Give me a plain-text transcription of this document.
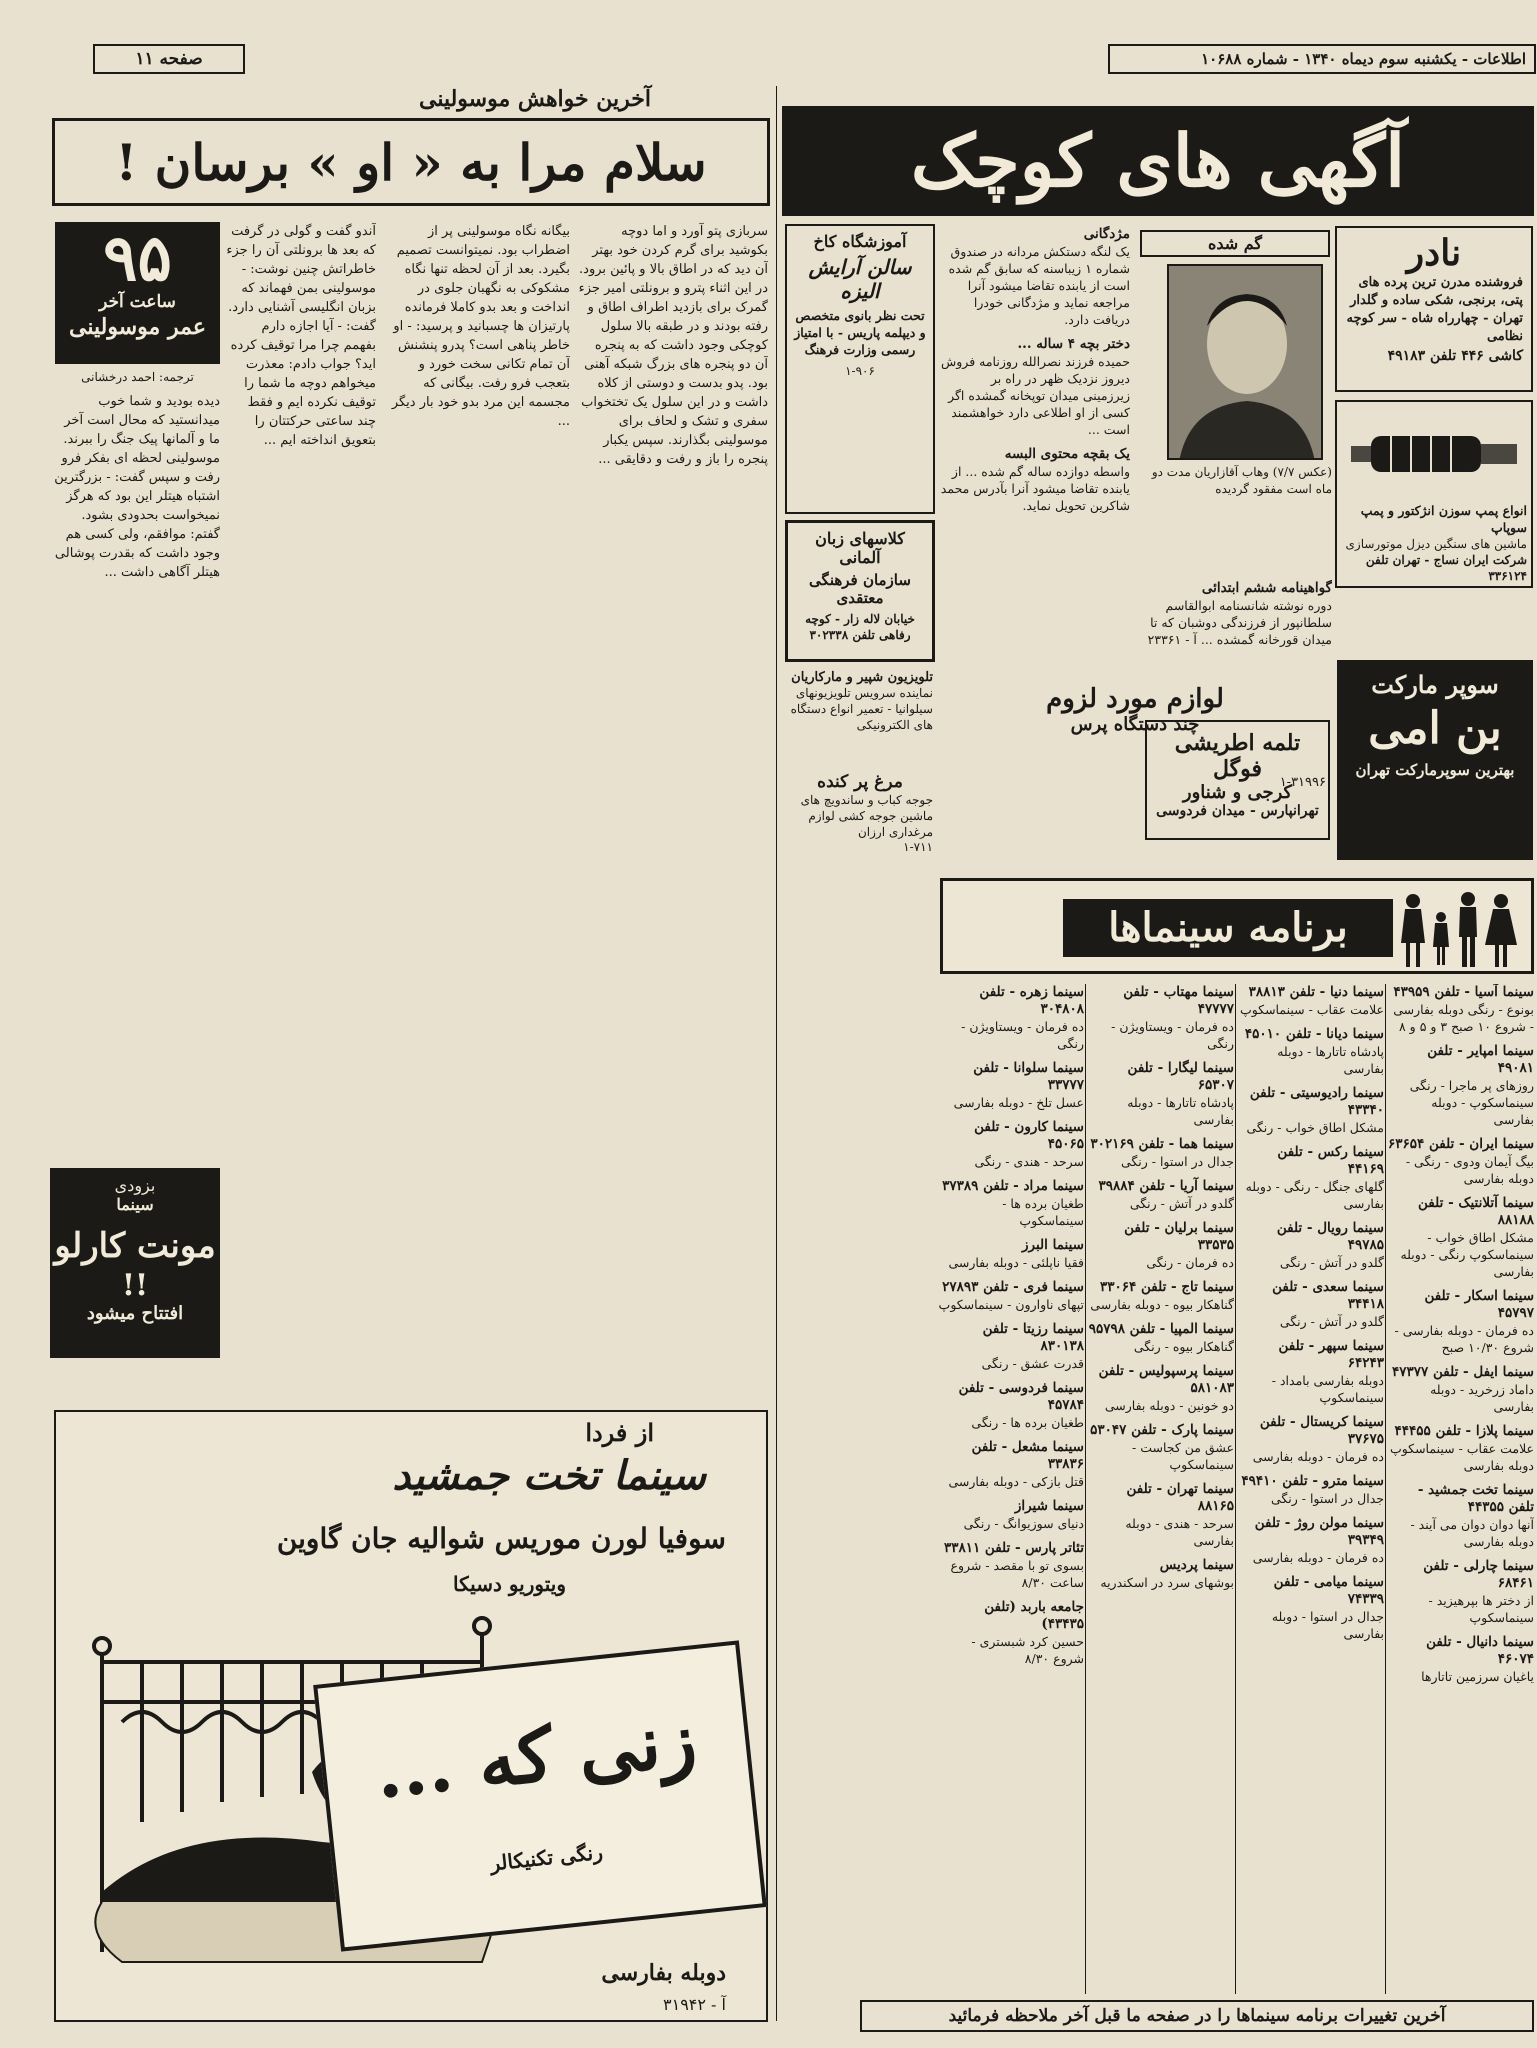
صفحه ۱۱	اطلاعات - یکشنبه سوم دیماه ۱۳۴۰ - شماره ۱۰۶۸۸
آخرین خواهش موسولینی
سلام مرا به « او » برسان !
۹۵
ساعت آخر
عمر موسولینی
ترجمه: احمد درخشانی

سربازی پتو آورد و اما دوچه بکوشید برای گرم کردن خود بهتر آن دید که در اطاق بالا و پائین برود. در این اثناء پترو و برونلتی امیر جزء گمرک برای بازدید اطراف اطاق و رفته بودند و در طبقه بالا سلول کوچکی وجود داشت که به پنجره آن دو پنجره های بزرگ شبکه آهنی بود. پدو بدست و دوستی از کلاه داشت و در این سلول یک تختخواب سفری و تشک و لحاف برای موسولینی بگذارند. سپس یکبار پنجره را باز و رفت و دقایقی ...

بیگانه نگاه موسولینی پر از اضطراب بود. نمیتوانست تصمیم بگیرد. بعد از آن لحظه تنها نگاه مشکوکی به نگهبان جلوی در انداخت و بعد بدو کاملا فرمانده پارتیزان ها چسبانید و پرسید: - او خاطر پناهی است؟ پدرو پنشنش آن تمام تکانی سخت خورد و بتعجب فرو رفت. بیگانی که مجسمه این مرد بدو خود بار دیگر ...

آندو گفت و گولی در گرفت که بعد ها برونلتی آن را جزء خاطراتش چنین نوشت: - موسولینی بمن فهماند که بزبان انگلیسی آشنایی دارد. گفت: - آیا اجازه دارم بفهمم چرا مرا توقیف کرده اید؟ جواب دادم: معذرت میخواهم دوچه ما شما را توقیف نکرده ایم و فقط چند ساعتی حرکتتان را بتعویق انداخته ایم ...

دیده بودید و شما خوب میدانستید که محال است آخر ما و آلمانها پیک جنگ را ببرند. موسولینی لحظه ای بفکر فرو رفت و سپس گفت: - بزرگترین اشتباه هیتلر این بود که هرگز نمیخواست بحدودی بشود. گفتم: موافقم، ولی کسی هم وجود داشت که بقدرت پوشالی هیتلر آگاهی داشت ...

بزودی
سینما
مونت کارلو
!!
افتتاح میشود
از فردا
سینما تخت جمشید
سوفیا لورن موریس شوالیه جان گاوین
ویتوریو دسیکا
زنی که ...
رنگی تکنیکالر
دوبله بفارسی
آ - ۳۱۹۴۲
آگهی های کوچک
نادر
فروشنده مدرن ترین پرده های پتی، برنجی، شکی ساده و گلدار
تهران - چهارراه شاه - سر کوچه نظامی
کاشی ۴۴۶ تلفن ۴۹۱۸۳
انواع پمپ سوزن انژکتور و پمپ سوپاپ
ماشین های سنگین دیزل موتورسازی
شرکت ایران نساج - تهران تلفن ۳۳۶۱۲۴
سوپر مارکت
بن امی
بهترین سوپرمارکت تهران
گم شده
(عکس ۷/۷) وهاب آقازاریان مدت دو ماه است مفقود گردیده
مژدگانی
یک لنگه دستکش مردانه در صندوق شماره ۱ زیباسنه که سابق گم شده است از یابنده تقاضا میشود آنرا مراجعه نماید و مژدگانی خودرا دریافت دارد.
دختر بچه ۴ ساله ...
حمیده فرزند نصرالله روزنامه فروش دیروز نزدیک ظهر در راه بر زیرزمینی میدان توپخانه گمشده اگر کسی از او اطلاعی دارد خواهشمند است ...
یک بقچه محتوی البسه
واسطه دوازده ساله گم شده ... از یابنده تقاضا میشود آنرا بآدرس محمد شاکرین تحویل نماید.
گواهینامه ششم ابتدائی
دوره نوشته شانسنامه ابوالقاسم سلطانپور از فرزندگی دوشبان که تا میدان قورخانه گمشده ... آ - ۲۳۳۶۱
لوازم مورد لزوم
چند دستگاه پرس
۱-۳۱۹۹۶
تلمه اطریشی فوگل
کرجی و شناور
تهرانپارس - میدان فردوسی
آموزشگاه کاخ
سالن آرایش الیزه
تحت نظر بانوی متخصص و دیپلمه پاریس - با امتیاز رسمی وزارت فرهنگ
۱-۹۰۶
کلاسهای زبان آلمانی
سازمان فرهنگی معتقدی
خیابان لاله زار - کوچه رفاهی تلفن ۳۰۲۳۳۸
تلویزیون شپیر و مارکاریان
نماینده سرویس تلویزیونهای سیلوانیا - تعمیر انواع دستگاه های الکترونیکی
مرغ پر کنده
جوجه کباب و ساندویچ های ماشین جوجه کشی لوازم مرغداری ارزان
۱-۷۱۱
برنامه سینماها
سینما آسیا - تلفن ۴۳۹۵۹
بونوع - رنگی دوبله بفارسی - شروع ۱۰ صبح ۳ و ۵ و ۸
سینما امپایر - تلفن ۴۹۰۸۱
روزهای پر ماجرا - رنگی سینماسکوپ - دوبله بفارسی
سینما ایران - تلفن ۶۳۶۵۴
بیگ آیمان ودوی - رنگی - دوبله بفارسی
سینما آتلانتیک - تلفن ۸۸۱۸۸
مشکل اطاق خواب - سینماسکوپ رنگی - دوبله بفارسی
سینما اسکار - تلفن ۴۵۷۹۷
ده فرمان - دوبله بفارسی - شروع ۱۰/۳۰ صبح
سینما ایفل - تلفن ۴۷۳۷۷
داماد زرخرید - دوبله بفارسی
سینما پلازا - تلفن ۴۴۴۵۵
علامت عقاب - سینماسکوپ دوبله بفارسی
سینما تخت جمشید - تلفن ۴۴۳۵۵
آنها دوان دوان می آیند - دوبله بفارسی
سینما چارلی - تلفن ۶۸۴۶۱
از دختر ها بپرهیزید - سینماسکوپ
سینما دانیال - تلفن ۴۶۰۷۴
یاغیان سرزمین تاتارها
سینما دنیا - تلفن ۳۸۸۱۳
علامت عقاب - سینماسکوپ
سینما دیانا - تلفن ۴۵۰۱۰
پادشاه تاتارها - دوبله بفارسی
سینما رادیوسیتی - تلفن ۴۳۳۴۰
مشکل اطاق خواب - رنگی
سینما رکس - تلفن ۴۴۱۶۹
گلهای جنگل - رنگی - دوبله بفارسی
سینما رویال - تلفن ۴۹۷۸۵
گلدو در آتش - رنگی
سینما سعدی - تلفن ۳۴۴۱۸
گلدو در آتش - رنگی
سینما سپهر - تلفن ۶۴۲۴۳
دوبله بفارسی بامداد - سینماسکوپ
سینما کریستال - تلفن ۳۷۶۷۵
ده فرمان - دوبله بفارسی
سینما مترو - تلفن ۴۹۴۱۰
جدال در استوا - رنگی
سینما مولن روژ - تلفن ۳۹۳۴۹
ده فرمان - دوبله بفارسی
سینما میامی - تلفن ۷۴۳۳۹
جدال در استوا - دوبله بفارسی
سینما مهتاب - تلفن ۴۷۷۷۷
ده فرمان - ویستاویژن - رنگی
سینما لیگارا - تلفن ۶۵۳۰۷
پادشاه تاتارها - دوبله بفارسی
سینما هما - تلفن ۳۰۲۱۶۹
جدال در استوا - رنگی
سینما آریا - تلفن ۳۹۸۸۴
گلدو در آتش - رنگی
سینما برلیان - تلفن ۳۳۵۳۵
ده فرمان - رنگی
سینما تاج - تلفن ۳۳۰۶۴
گناهکار بیوه - دوبله بفارسی
سینما المپیا - تلفن ۹۵۷۹۸
گناهکار بیوه - رنگی
سینما پرسپولیس - تلفن ۵۸۱۰۸۳
دو خونین - دوبله بفارسی
سینما پارک - تلفن ۵۳۰۴۷
عشق من کجاست - سینماسکوپ
سینما تهران - تلفن ۸۸۱۶۵
سرحد - هندی - دوبله بفارسی
سینما پردیس
بوشهای سرد در اسکندریه
سینما زهره - تلفن ۳۰۴۸۰۸
ده فرمان - ویستاویژن - رنگی
سینما سلوانا - تلفن ۳۳۷۷۷
عسل تلخ - دوبله بفارسی
سینما کارون - تلفن ۴۵۰۶۵
سرحد - هندی - رنگی
سینما مراد - تلفن ۳۷۳۸۹
طغیان برده ها - سینماسکوپ
سینما البرز
فقیا ناپلئی - دوبله بفارسی
سینما فری - تلفن ۲۷۸۹۳
تپهای ناوارون - سینماسکوپ
سینما رزیتا - تلفن ۸۳۰۱۳۸
قدرت عشق - رنگی
سینما فردوسی - تلفن ۴۵۷۸۴
طغیان برده ها - رنگی
سینما مشعل - تلفن ۳۳۸۳۶
قتل بازکی - دوبله بفارسی
سینما شیراز
دنیای سوزیوانگ - رنگی
تئاتر پارس - تلفن ۳۳۸۱۱
بسوی تو با مقصد - شروع ساعت ۸/۳۰
جامعه باربد (تلفن ۴۳۴۳۵)
حسین کرد شبستری - شروع ۸/۳۰
آخرین تغییرات برنامه سینماها را در صفحه ما قبل آخر ملاحظه فرمائید
